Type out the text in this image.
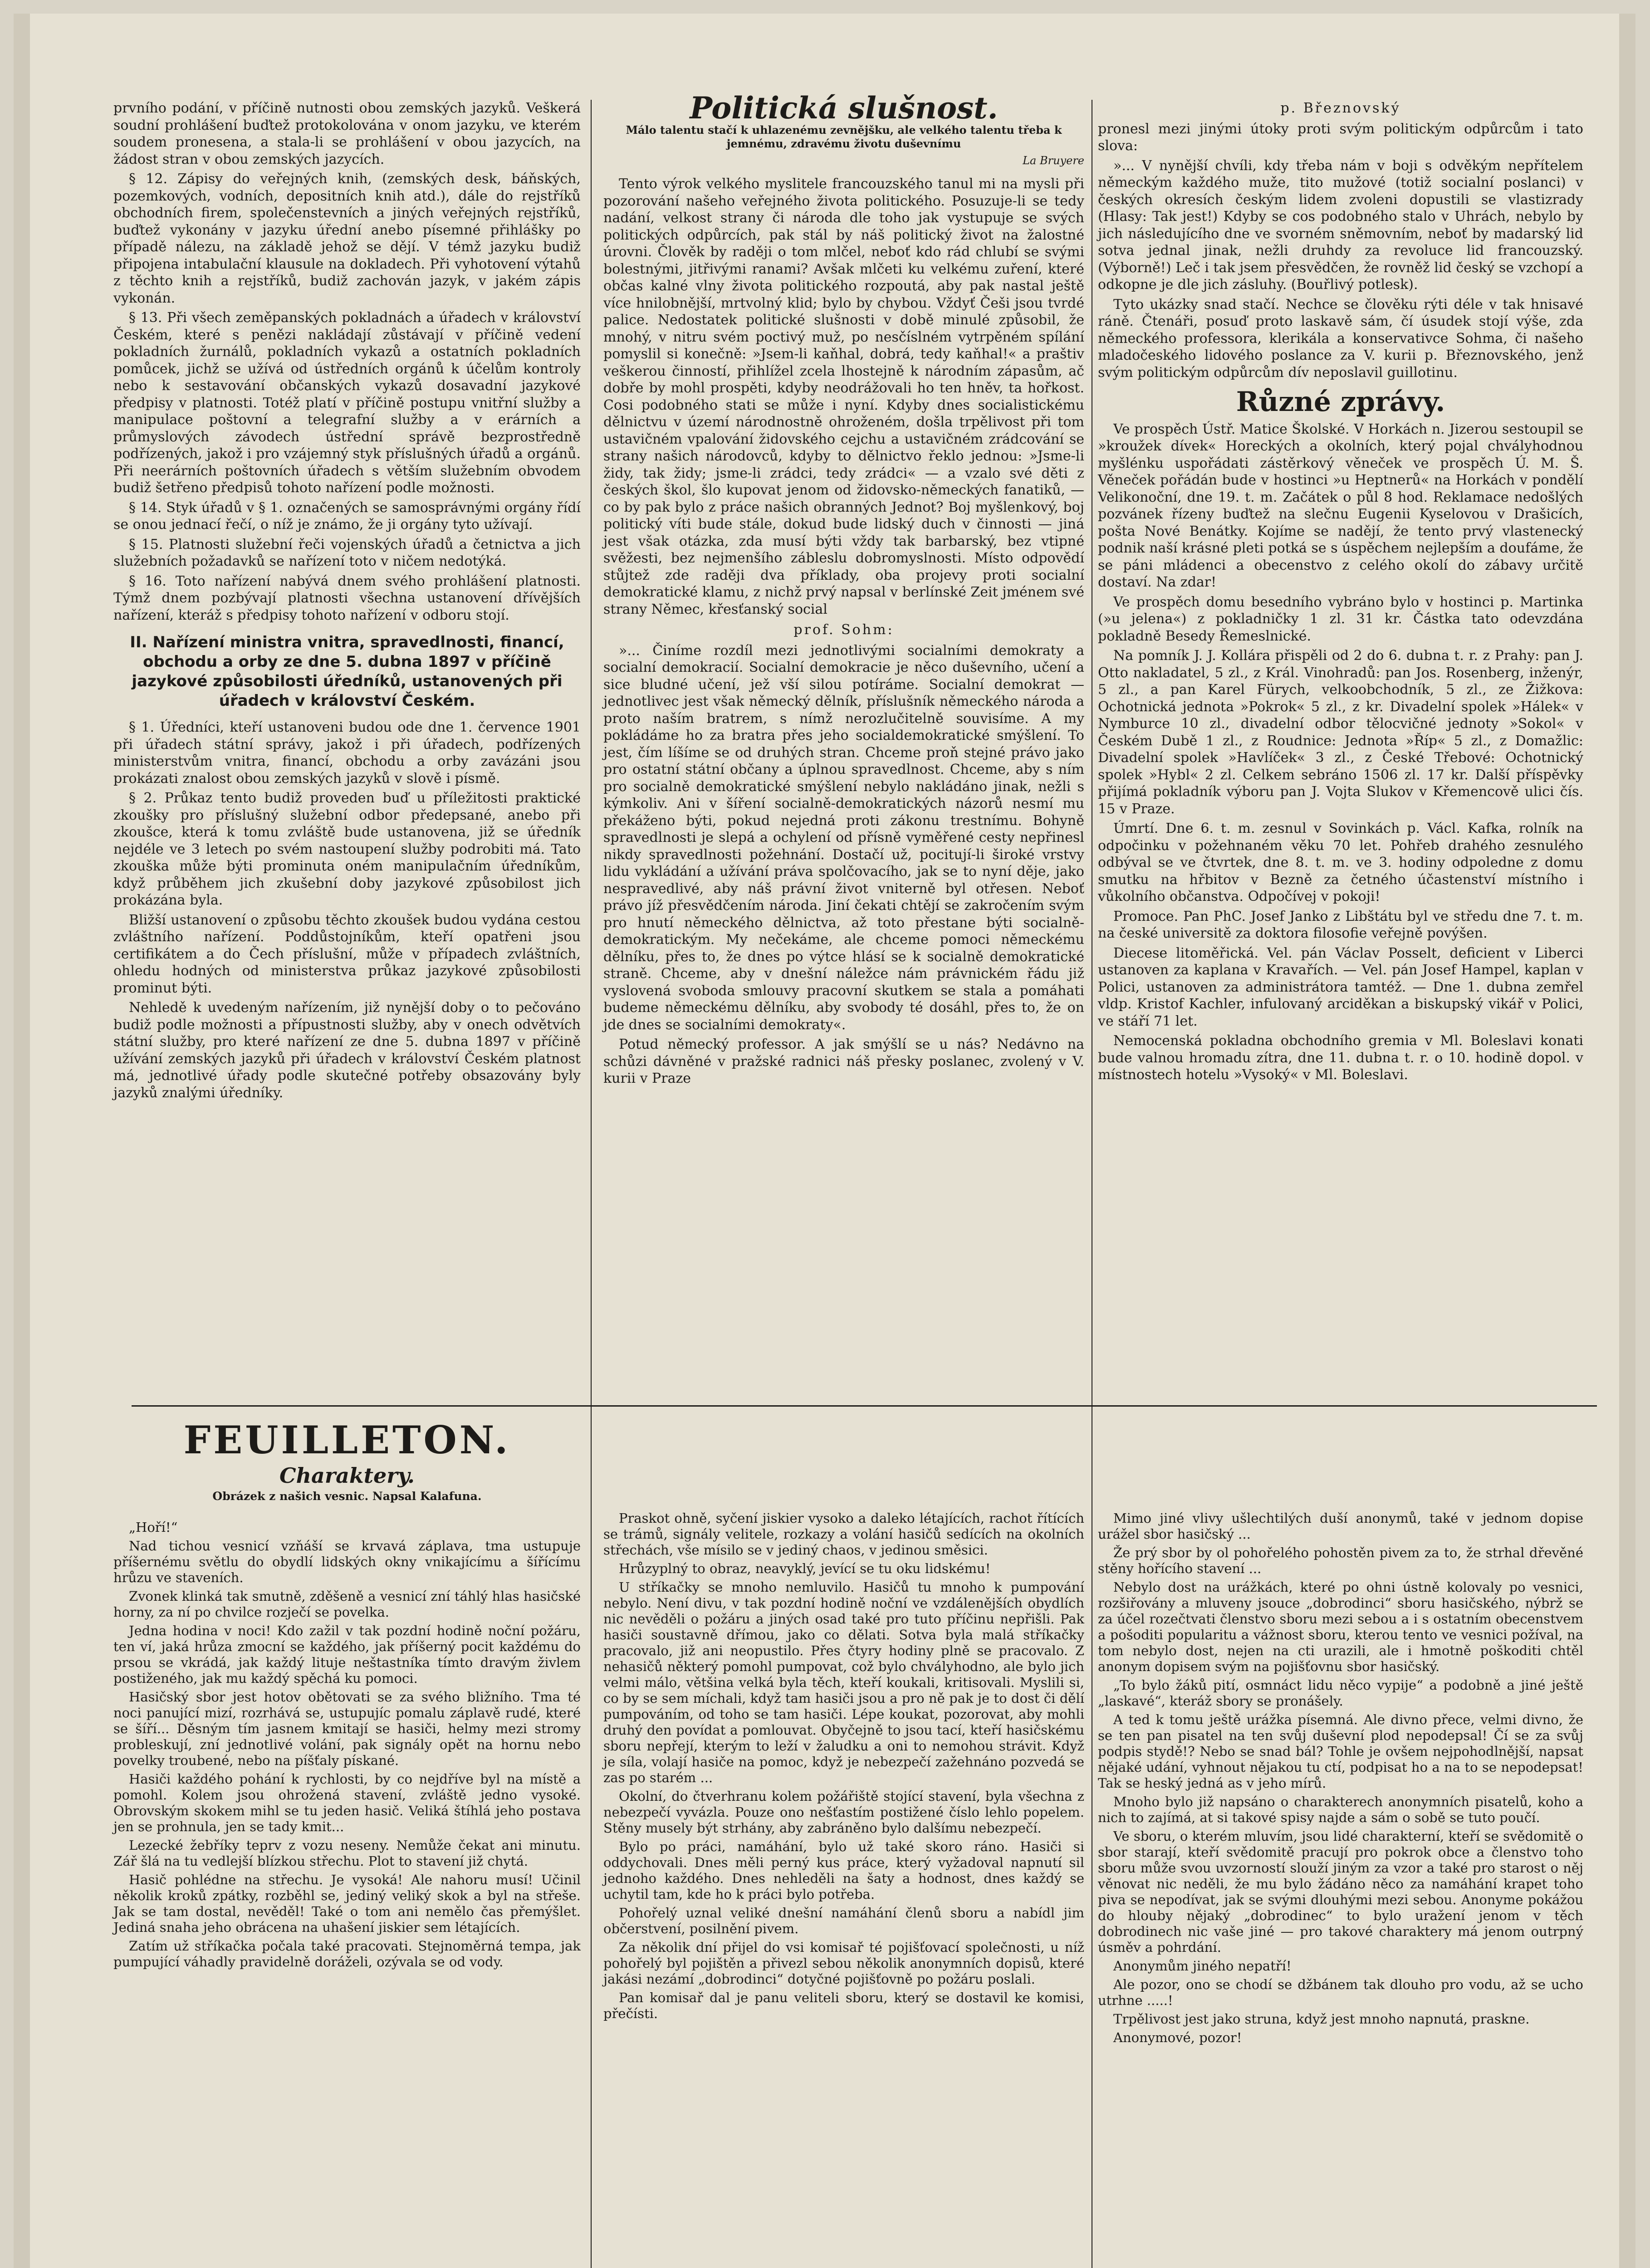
prvního podání, v příčině nutnosti obou zemských jazyků. Veškerá soudní prohlášení buďtež protokolována v onom jazyku, ve kterém soudem pronesena, a stala-li se prohlášení v obou jazycích, na žádost stran v obou zemských jazycích.

§ 12. Zápisy do veřejných knih, (zemských desk, báňských, pozemkových, vodních, depositních knih atd.), dále do rejstříků obchodních firem, společenstevních a jiných veřejných rejstříků, buďtež vykonány v jazyku úřední anebo písemné přihlášky po případě nálezu, na základě jehož se dějí. V témž jazyku budiž připojena intabulační klausule na dokladech. Při vyhotovení výtahů z těchto knih a rejstříků, budiž zachován jazyk, v jakém zápis vykonán.

§ 13. Při všech zeměpanských pokladnách a úřadech v království Českém, které s penězi nakládají zůstávají v příčině vedení pokladních žurnálů, pokladních vykazů a ostatních pokladních pomůcek, jichž se užívá od ústředních orgánů k účelům kontroly nebo k sestavování občanských vykazů dosavadní jazykové předpisy v platnosti. Totéž platí v příčině postupu vnitřní služby a manipulace poštovní a telegrafní služby a v erárních a průmyslových závodech ústřední správě bezprostředně podřízených, jakož i pro vzájemný styk příslušných úřadů a orgánů. Při neerárních poštovních úřadech s větším služebním obvodem budiž šetřeno předpisů tohoto nařízení podle možnosti.

§ 14. Styk úřadů v § 1. označených se samosprávnými orgány řídí se onou jednací řečí, o níž je známo, že ji orgány tyto užívají.

§ 15. Platnosti služební řeči vojenských úřadů a četnictva a jich služebních požadavků se nařízení toto v ničem nedotýká.

§ 16. Toto nařízení nabývá dnem svého prohlášení platnosti. Týmž dnem pozbývají platnosti všechna ustanovení dřívějších nařízení, kteráž s předpisy tohoto nařízení v odboru stojí.

II. Nařízení ministra vnitra, spravedlnosti, financí, obchodu a orby ze dne 5. dubna 1897 v příčině jazykové způsobilosti úředníků, ustanovených při úřadech v království Českém.

§ 1. Úředníci, kteří ustanoveni budou ode dne 1. července 1901 při úřadech státní správy, jakož i při úřadech, podřízených ministerstvům vnitra, financí, obchodu a orby zavázáni jsou prokázati znalost obou zemských jazyků v slově i písmě.

§ 2. Průkaz tento budiž proveden buď u příležitosti praktické zkoušky pro příslušný služební odbor předepsané, anebo při zkoušce, která k tomu zvláště bude ustanovena, již se úředník nejdéle ve 3 letech po svém nastoupení služby podrobiti má. Tato zkouška může býti prominuta oném manipulačním úředníkům, když průběhem jich zkušební doby jazykové způsobilost jich prokázána byla.

Bližší ustanovení o způsobu těchto zkoušek budou vydána cestou zvláštního nařízení. Poddůstojníkům, kteří opatřeni jsou certifikátem a do Čech příslušní, může v případech zvláštních, ohledu hodných od ministerstva průkaz jazykové způsobilosti prominut býti.

Nehledě k uvedeným nařízením, již nynější doby o to pečováno budiž podle možnosti a přípustnosti služby, aby v onech odvětvích státní služby, pro které nařízení ze dne 5. dubna 1897 v příčině užívání zemských jazyků při úřadech v království Českém platnost má, jednotlivé úřady podle skutečné potřeby obsazovány byly jazyků znalými úředníky.

Politická slušnost.
Málo talentu stačí k uhlazenému zevnějšku, ale velkého talentu třeba k jemnému, zdravému životu duševnímu
La Bruyere

Tento výrok velkého myslitele francouzského tanul mi na mysli při pozorování našeho veřejného života politického. Posuzuje-li se tedy nadání, velkost strany či národa dle toho jak vystupuje se svých politických odpůrcích, pak stál by náš politický život na žalostné úrovni. Člověk by raději o tom mlčel, neboť kdo rád chlubí se svými bolestnými, jitřivými ranami? Avšak mlčeti ku velkému zuření, které občas kalné vlny života politického rozpoutá, aby pak nastal ještě více hnilobnější, mrtvolný klid; bylo by chybou. Vždyť Češi jsou tvrdé palice. Nedostatek politické slušnosti v době minulé způsobil, že mnohý, v nitru svém poctivý muž, po nesčíslném vytrpěném spílání pomyslil si konečně: »Jsem-li kaňhal, dobrá, tedy kaňhal!« a praštiv veškerou činností, přihlížel zcela lhostejně k národním zápasům, ač dobře by mohl prospěti, kdyby neodrážovali ho ten hněv, ta hořkost. Cosi podobného stati se může i nyní. Kdyby dnes socialistickému dělnictvu v území národnostně ohroženém, došla trpělivost při tom ustavičném vpalování židovského cejchu a ustavičném zrádcování se strany našich národovců, kdyby to dělnictvo řeklo jednou: »Jsme-li židy, tak židy; jsme-li zrádci, tedy zrádci« — a vzalo své děti z českých škol, šlo kupovat jenom od židovsko-německých fanatiků, — co by pak bylo z práce našich obranných Jednot? Boj myšlenkový, boj politický víti bude stále, dokud bude lidský duch v činnosti — jiná jest však otázka, zda musí býti vždy tak barbarský, bez vtipné svěžesti, bez nejmenšího zábleslu dobromyslnosti. Místo odpovědí stůjtež zde raději dva příklady, oba projevy proti socialní demokratické klamu, z nichž prvý napsal v berlínské Zeit jménem své strany Němec, křesťanský social

prof. Sohm:

»... Činíme rozdíl mezi jednotlivými socialními demokraty a socialní demokracií. Socialní demokracie je něco duševního, učení a sice bludné učení, jež vší silou potíráme. Socialní demokrat — jednotlivec jest však německý dělník, příslušník německého národa a proto naším bratrem, s nímž nerozlučitelně souvisíme. A my pokládáme ho za bratra přes jeho socialdemokratické smýšlení. To jest, čím líšíme se od druhých stran. Chceme proň stejné právo jako pro ostatní státní občany a úplnou spravedlnost. Chceme, aby s ním pro socialně demokratické smýšlení nebylo nakládáno jinak, nežli s kýmkoliv. Ani v šíření socialně-demokratických názorů nesmí mu překáženo býti, pokud nejedná proti zákonu trestnímu. Bohyně spravedlnosti je slepá a ochylení od přísně vyměřené cesty nepřinesl nikdy spravedlnosti požehnání. Dostačí už, pocitují-li široké vrstvy lidu vykládání a užívání práva spolčovacího, jak se to nyní děje, jako nespravedlivé, aby náš právní život vniterně byl otřesen. Neboť právo jíž přesvědčením národa. Jiní čekati chtějí se zakročením svým pro hnutí německého dělnictva, až toto přestane býti socialně-demokratickým. My nečekáme, ale chceme pomoci německému dělníku, přes to, že dnes po výtce hlásí se k socialně demokratické straně. Chceme, aby v dnešní náležce nám právnickém řádu již vyslovená svoboda smlouvy pracovní skutkem se stala a pomáhati budeme německému dělníku, aby svobody té dosáhl, přes to, že on jde dnes se socialními demokraty«.

Potud německý professor. A jak smýšlí se u nás? Nedávno na schůzi dávněné v pražské radnici náš přesky poslanec, zvolený v V. kurii v Praze

p. Březnovský

pronesl mezi jinými útoky proti svým politickým odpůrcům i tato slova:

»... V nynější chvíli, kdy třeba nám v boji s odvěkým nepřítelem německým každého muže, tito mužové (totiž socialní poslanci) v českých okresích českým lidem zvoleni dopustili se vlastizrady (Hlasy: Tak jest!) Kdyby se cos podobného stalo v Uhrách, nebylo by jich následujícího dne ve svorném sněmovním, neboť by madarský lid sotva jednal jinak, nežli druhdy za revoluce lid francouzský. (Výborně!) Leč i tak jsem přesvědčen, že rovněž lid český se vzchopí a odkopne je dle jich zásluhy. (Bouřlivý potlesk).

Tyto ukázky snad stačí. Nechce se člověku rýti déle v tak hnisavé ráně. Čtenáři, posuď proto laskavě sám, čí úsudek stojí výše, zda německého professora, klerikála a konservativce Sohma, či našeho mladočeského lidového poslance za V. kurii p. Březnovského, jenž svým politickým odpůrcům dív neposlavil guillotinu.

Různé zprávy.

Ve prospěch Ústř. Matice Školské. V Horkách n. Jizerou sestoupil se »kroužek dívek« Horeckých a okolních, který pojal chvályhodnou myšlénku uspořádati zástěrkový věneček ve prospěch Ú. M. Š. Věneček pořádán bude v hostinci »u Heptnerů« na Horkách v pondělí Velikonoční, dne 19. t. m. Začátek o půl 8 hod. Reklamace nedošlých pozvánek řízeny buďtež na slečnu Eugenii Kyselovou v Drašicích, pošta Nové Benátky. Kojíme se nadějí, že tento prvý vlastenecký podnik naší krásné pleti potká se s úspěchem nejlepším a doufáme, že se páni mládenci a obecenstvo z celého okolí do zábavy určitě dostaví. Na zdar!

Ve prospěch domu besedního vybráno bylo v hostinci p. Martinka (»u jelena«) z pokladničky 1 zl. 31 kr. Částka tato odevzdána pokladně Besedy Řemeslnické.

Na pomník J. J. Kollára přispěli od 2 do 6. dubna t. r. z Prahy: pan J. Otto nakladatel, 5 zl., z Král. Vinohradů: pan Jos. Rosenberg, inženýr, 5 zl., a pan Karel Fürych, velkoobchodník, 5 zl., ze Žižkova: Ochotnická jednota »Pokrok« 5 zl., z kr. Divadelní spolek »Hálek« v Nymburce 10 zl., divadelní odbor tělocvičné jednoty »Sokol« v Českém Dubě 1 zl., z Roudnice: Jednota »Říp« 5 zl., z Domažlic: Divadelní spolek »Havlíček« 3 zl., z České Třebové: Ochotnický spolek »Hybl« 2 zl. Celkem sebráno 1506 zl. 17 kr. Další příspěvky přijímá pokladník výboru pan J. Vojta Slukov v Křemencově ulici čís. 15 v Praze.

Úmrtí. Dne 6. t. m. zesnul v Sovinkách p. Václ. Kafka, rolník na odpočinku v požehnaném věku 70 let. Pohřeb drahého zesnulého odbýval se ve čtvrtek, dne 8. t. m. ve 3. hodiny odpoledne z domu smutku na hřbitov v Bezně za četného účastenství místního i vůkolního občanstva. Odpočívej v pokoji!

Promoce. Pan PhC. Josef Janko z Libštátu byl ve středu dne 7. t. m. na české universitě za doktora filosofie veřejně povýšen.

Diecese litoměřická. Vel. pán Václav Posselt, deficient v Liberci ustanoven za kaplana v Kravařích. — Vel. pán Josef Hampel, kaplan v Polici, ustanoven za administrátora tamtéž. — Dne 1. dubna zemřel vldp. Kristof Kachler, infulovaný arciděkan a biskupský vikář v Polici, ve stáří 71 let.

Nemocenská pokladna obchodního gremia v Ml. Boleslavi konati bude valnou hromadu zítra, dne 11. dubna t. r. o 10. hodině dopol. v místnostech hotelu »Vysoký« v Ml. Boleslavi.

FEUILLETON.
Charaktery.
Obrázek z našich vesnic. Napsal Kalafuna.

„Hoří!“

Nad tichou vesnicí vzňáší se krvavá záplava, tma ustupuje příšernému světlu do obydlí lidských okny vnikajícímu a šířícímu hrůzu ve staveních.

Zvonek klinká tak smutně, zděšeně a vesnicí zní táhlý hlas hasičské horny, za ní po chvilce rozječí se povelka.

Jedna hodina v noci! Kdo zažil v tak pozdní hodině noční požáru, ten ví, jaká hrůza zmocní se každého, jak příšerný pocit každému do prsou se vkrádá, jak každý lituje neštastníka tímto dravým živlem postiženého, jak mu každý spěchá ku pomoci.

Hasičský sbor jest hotov obětovati se za svého bližního. Tma té noci panující mizí, rozrhává se, ustupujíc pomalu záplavě rudé, které se šíří... Děsným tím jasnem kmitají se hasiči, helmy mezi stromy probleskují, zní jednotlivé volání, pak signály opět na hornu nebo povelky troubené, nebo na píšťaly pískané.

Hasiči každého pohání k rychlosti, by co nejdříve byl na místě a pomohl. Kolem jsou ohrožená stavení, zvláště jedno vysoké. Obrovským skokem mihl se tu jeden hasič. Veliká štíhlá jeho postava jen se prohnula, jen se tady kmit...

Lezecké žebříky teprv z vozu neseny. Nemůže čekat ani minutu. Zář šlá na tu vedlejší blízkou střechu. Plot to stavení již chytá.

Hasič pohlédne na střechu. Je vysoká! Ale nahoru musí! Učinil několik kroků zpátky, rozběhl se, jediný veliký skok a byl na střeše. Jak se tam dostal, nevěděl! Také o tom ani nemělo čas přemýšlet. Jediná snaha jeho obrácena na uhašení jiskier sem létajících.

Zatím už stříkačka počala také pracovati. Stejnoměrná tempa, jak pumpující váhadly pravidelně doráželi, ozývala se od vody.

Praskot ohně, syčení jiskier vysoko a daleko létajících, rachot řítících se trámů, signály velitele, rozkazy a volání hasičů sedících na okolních střechách, vše mísilo se v jediný chaos, v jedinou směsici.

Hrůzyplný to obraz, neavyklý, jevící se tu oku lidskému!

U stříkačky se mnoho nemluvilo. Hasičů tu mnoho k pumpování nebylo. Není divu, v tak pozdní hodině noční ve vzdálenějších obydlích nic nevěděli o požáru a jiných osad také pro tuto příčinu nepřišli. Pak hasiči soustavně dřímou, jako co dělati. Sotva byla malá stříkačky pracovalo, již ani neopustilo. Přes čtyry hodiny plně se pracovalo. Z nehasičů některý pomohl pumpovat, což bylo chvályhodno, ale bylo jich velmi málo, většina velká byla těch, kteří koukali, kritisovali. Myslili si, co by se sem míchali, když tam hasiči jsou a pro ně pak je to dost či dělí pumpováním, od toho se tam hasiči. Lépe koukat, pozorovat, aby mohli druhý den povídat a pomlouvat. Obyčejně to jsou tací, kteří hasičskému sboru nepřejí, kterým to leží v žaludku a oni to nemohou strávit. Když je síla, volají hasiče na pomoc, když je nebezpečí zažehnáno pozvedá se zas po starém ...

Okolní, do čtverhranu kolem požářiště stojící stavení, byla všechna z nebezpečí vyvázla. Pouze ono nešťastím postižené číslo lehlo popelem. Stěny musely být strhány, aby zabráněno bylo dalšímu nebezpečí.

Bylo po práci, namáhání, bylo už také skoro ráno. Hasiči si oddychovali. Dnes měli perný kus práce, který vyžadoval napnutí sil jednoho každého. Dnes nehleděli na šaty a hodnost, dnes každý se uchytil tam, kde ho k práci bylo potřeba.

Pohořelý uznal veliké dnešní namáhání členů sboru a nabídl jim občerstvení, posilnění pivem.

Za několik dní přijel do vsi komisař té pojišťovací společnosti, u níž pohořelý byl pojištěn a přivezl sebou několik anonymních dopisů, které jakási nezámí „dobrodinci“ dotyčné pojišťovně po požáru poslali.

Pan komisař dal je panu veliteli sboru, který se dostavil ke komisi, přečísti.

Mimo jiné vlivy ušlechtilých duší anonymů, také v jednom dopise urážel sbor hasičský ...

Že prý sbor by ol pohořelého pohostěn pivem za to, že strhal dřevěné stěny hořícího stavení ...

Nebylo dost na urážkách, které po ohni ústně kolovaly po vesnici, rozšiřovány a mluveny jsouce „dobrodinci“ sboru hasičského, nýbrž se za účel rozečtvati členstvo sboru mezi sebou a i s ostatním obecenstvem a pošoditi popularitu a vážnost sboru, kterou tento ve vesnici požíval, na tom nebylo dost, nejen na cti urazili, ale i hmotně poškoditi chtěl anonym dopisem svým na pojišťovnu sbor hasičský.

„To bylo žáků pití, osmnáct lidu něco vypije“ a podobně a jiné ještě „laskavé“, kteráž sbory se pronášely.

A ted k tomu ještě urážka písemná. Ale divno přece, velmi divno, že se ten pan pisatel na ten svůj duševní plod nepodepsal! Čí se za svůj podpis stydě!? Nebo se snad bál? Tohle je ovšem nejpohodlnější, napsat nějaké udání, vyhnout nějakou tu ctí, podpisat ho a na to se nepodepsat! Tak se heský jedná as v jeho mírů.

Mnoho bylo již napsáno o charakterech anonymních pisatelů, koho a nich to zajímá, at si takové spisy najde a sám o sobě se tuto poučí.

Ve sboru, o kterém mluvím, jsou lidé charakterní, kteří se svědomitě o sbor starají, kteří svědomitě pracují pro pokrok obce a členstvo toho sboru může svou uvzorností slouží jiným za vzor a také pro starost o něj věnovat nic neděli, že mu bylo žádáno něco za namáhání krapet toho piva se nepodívat, jak se svými dlouhými mezi sebou. Anonyme pokážou do hlouby nějaký „dobrodinec“ to bylo uražení jenom v těch dobrodinech nic vaše jiné — pro takové charaktery má jenom outrpný úsměv a pohrdání.

Anonymům jiného nepatří!

Ale pozor, ono se chodí se džbánem tak dlouho pro vodu, až se ucho utrhne .....!

Trpělivost jest jako struna, když jest mnoho napnutá, praskne.

Anonymové, pozor!
